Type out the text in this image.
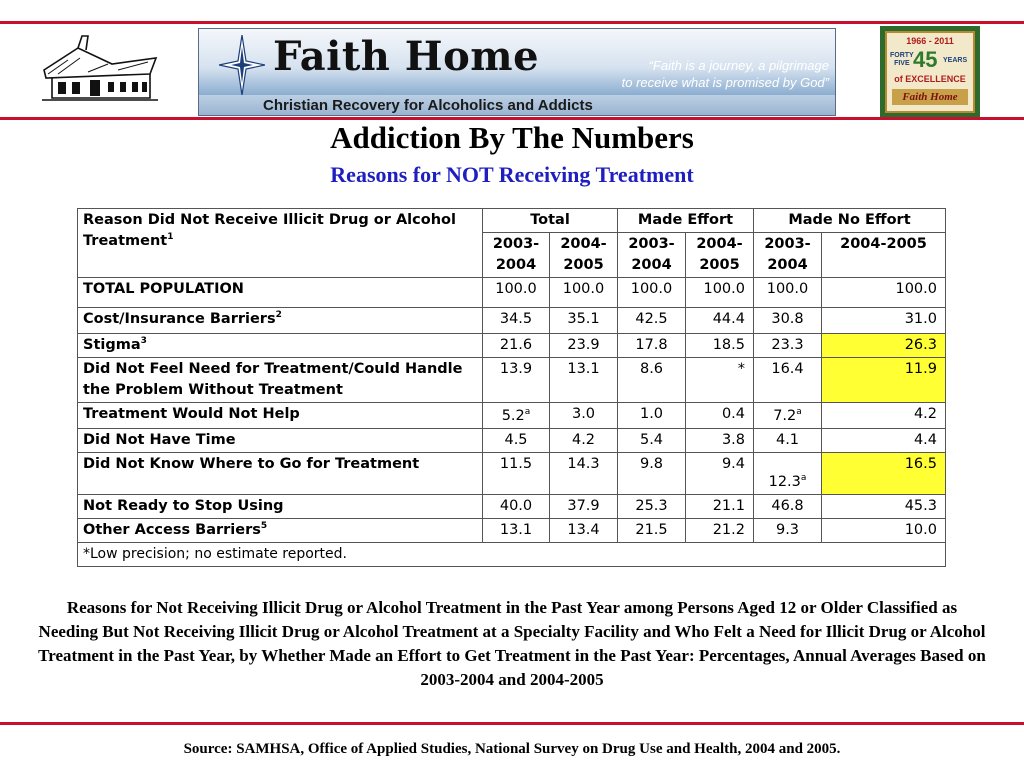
Faith Home	“Faith is a journey, a pilgrimage
to receive what is promised by God”
Christian Recovery for Alcoholics and Addicts
1966 - 2011
FORTY
FIVE 45 YEARS
of EXCELLENCE
Faith Home
Addiction By The Numbers
Reasons for NOT Receiving Treatment
Reason Did Not Receive Illicit Drug or Alcohol Treatment$^1$	Total		Made Effort		Made No Effort	
	2003-2004	2004-2005	2003-2004	2004-2005	2003-2004	2004-2005
TOTAL POPULATION	100.0	100.0	100.0	100.0	100.0	100.0
Cost/Insurance Barriers$^2$	34.5	35.1	42.5	44.4	30.8	31.0
Stigma$^3$	21.6	23.9	17.8	18.5	23.3	26.3
Did Not Feel Need for Treatment/Could Handle the Problem Without Treatment	13.9	13.1	8.6	*	16.4	11.9
Treatment Would Not Help	5.2$^a$	3.0	1.0	0.4	7.2$^a$	4.2
Did Not Have Time	4.5	4.2	5.4	3.8	4.1	4.4
Did Not Know Where to Go for Treatment	11.5	14.3	9.8	9.4	12.3$^a$	16.5
Not Ready to Stop Using	40.0	37.9	25.3	21.1	46.8	45.3
Other Access Barriers$^5$	13.1	13.4	21.5	21.2	9.3	10.0
*Low precision; no estimate reported.						
Reasons for Not Receiving Illicit Drug or Alcohol Treatment in the Past Year among Persons Aged 12 or Older Classified as Needing But Not Receiving Illicit Drug or Alcohol Treatment at a Specialty Facility and Who Felt a Need for Illicit Drug or Alcohol Treatment in the Past Year, by Whether Made an Effort to Get Treatment in the Past Year: Percentages, Annual Averages Based on 2003-2004 and 2004-2005
Source: SAMHSA, Office of Applied Studies, National Survey on Drug Use and Health, 2004 and 2005.
